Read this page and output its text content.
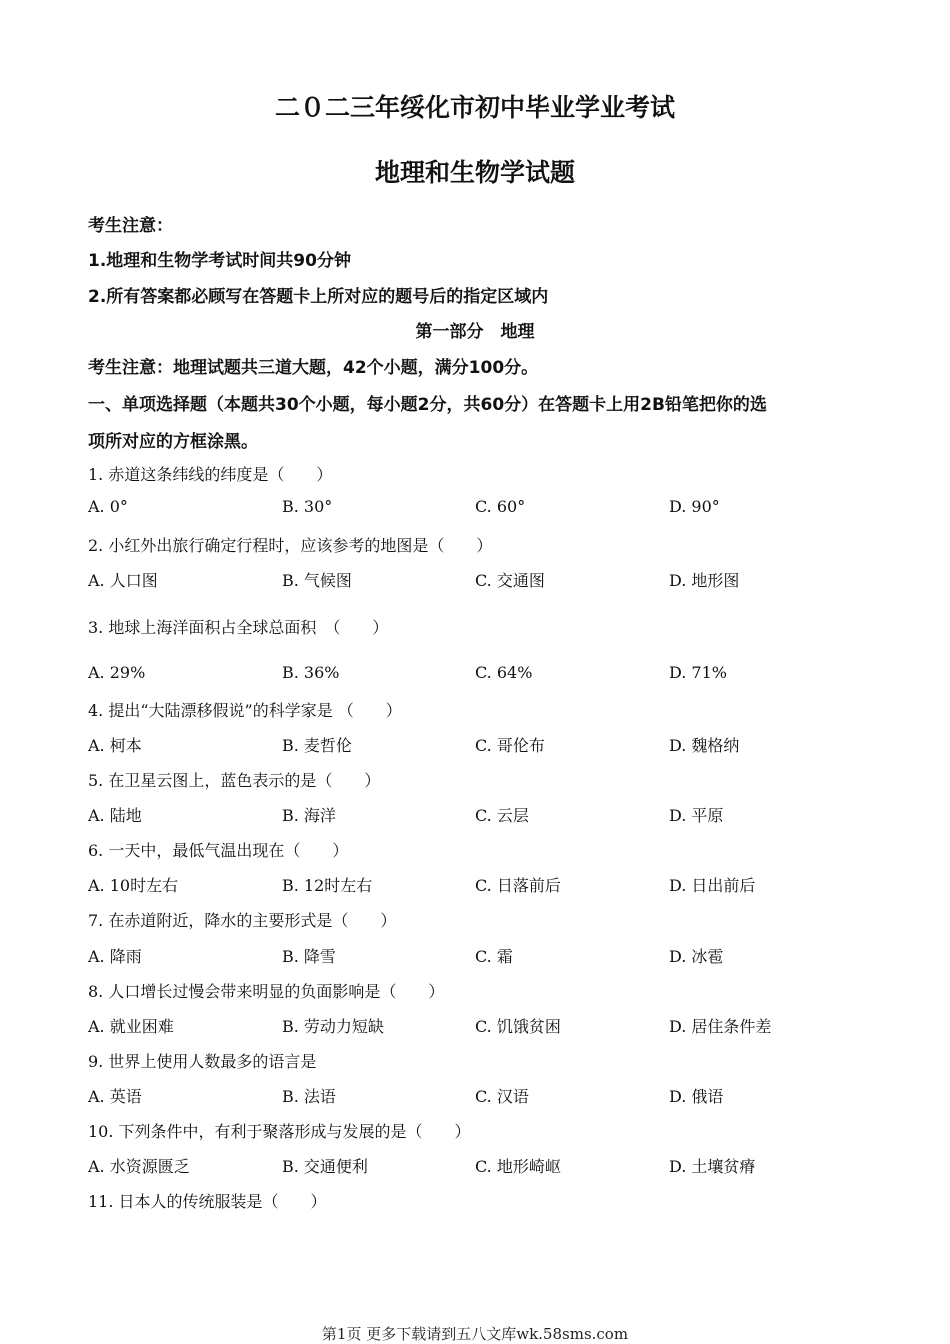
二０二三年绥化市初中毕业学业考试
地理和生物学试题
考生注意：
1.地理和生物学考试时间共90分钟
2.所有答案都必顾写在答题卡上所对应的题号后的指定区域内
第一部分　地理
考生注意：地理试题共三道大题，42个小题，满分100分。
一、单项选择题（本题共30个小题，每小题2分，共60分）在答题卡上用2B铅笔把你的选
项所对应的方框涂黑。
1. 赤道这条纬线的纬度是（　　）
A. 0°	B. 30°	C. 60°	D. 90°
2. 小红外出旅行确定行程时，应该参考的地图是（　　）
A. 人口图	B. 气候图	C. 交通图	D. 地形图
3. 地球上海洋面积占全球总面积　（　　）
A. 29%	B. 36%	C. 64%	D. 71%
4. 提出“大陆漂移假说”的科学家是 （　　）
A. 柯本	B. 麦哲伦	C. 哥伦布	D. 魏格纳
5. 在卫星云图上，蓝色表示的是（　　）
A. 陆地	B. 海洋	C. 云层	D. 平原
6. 一天中，最低气温出现在（　　）
A. 10时左右	B. 12时左右	C. 日落前后	D. 日出前后
7. 在赤道附近，降水的主要形式是（　　）
A. 降雨	B. 降雪	C. 霜	D. 冰雹
8. 人口增长过慢会带来明显的负面影响是（　　）
A. 就业困难	B. 劳动力短缺	C. 饥饿贫困	D. 居住条件差
9. 世界上使用人数最多的语言是
A. 英语	B. 法语	C. 汉语	D. 俄语
10. 下列条件中，有利于聚落形成与发展的是（　　）
A. 水资源匮乏	B. 交通便利	C. 地形崎岖	D. 土壤贫瘠
11. 日本人的传统服装是（　　）
第1页 更多下载请到五八文库wk.58sms.com
